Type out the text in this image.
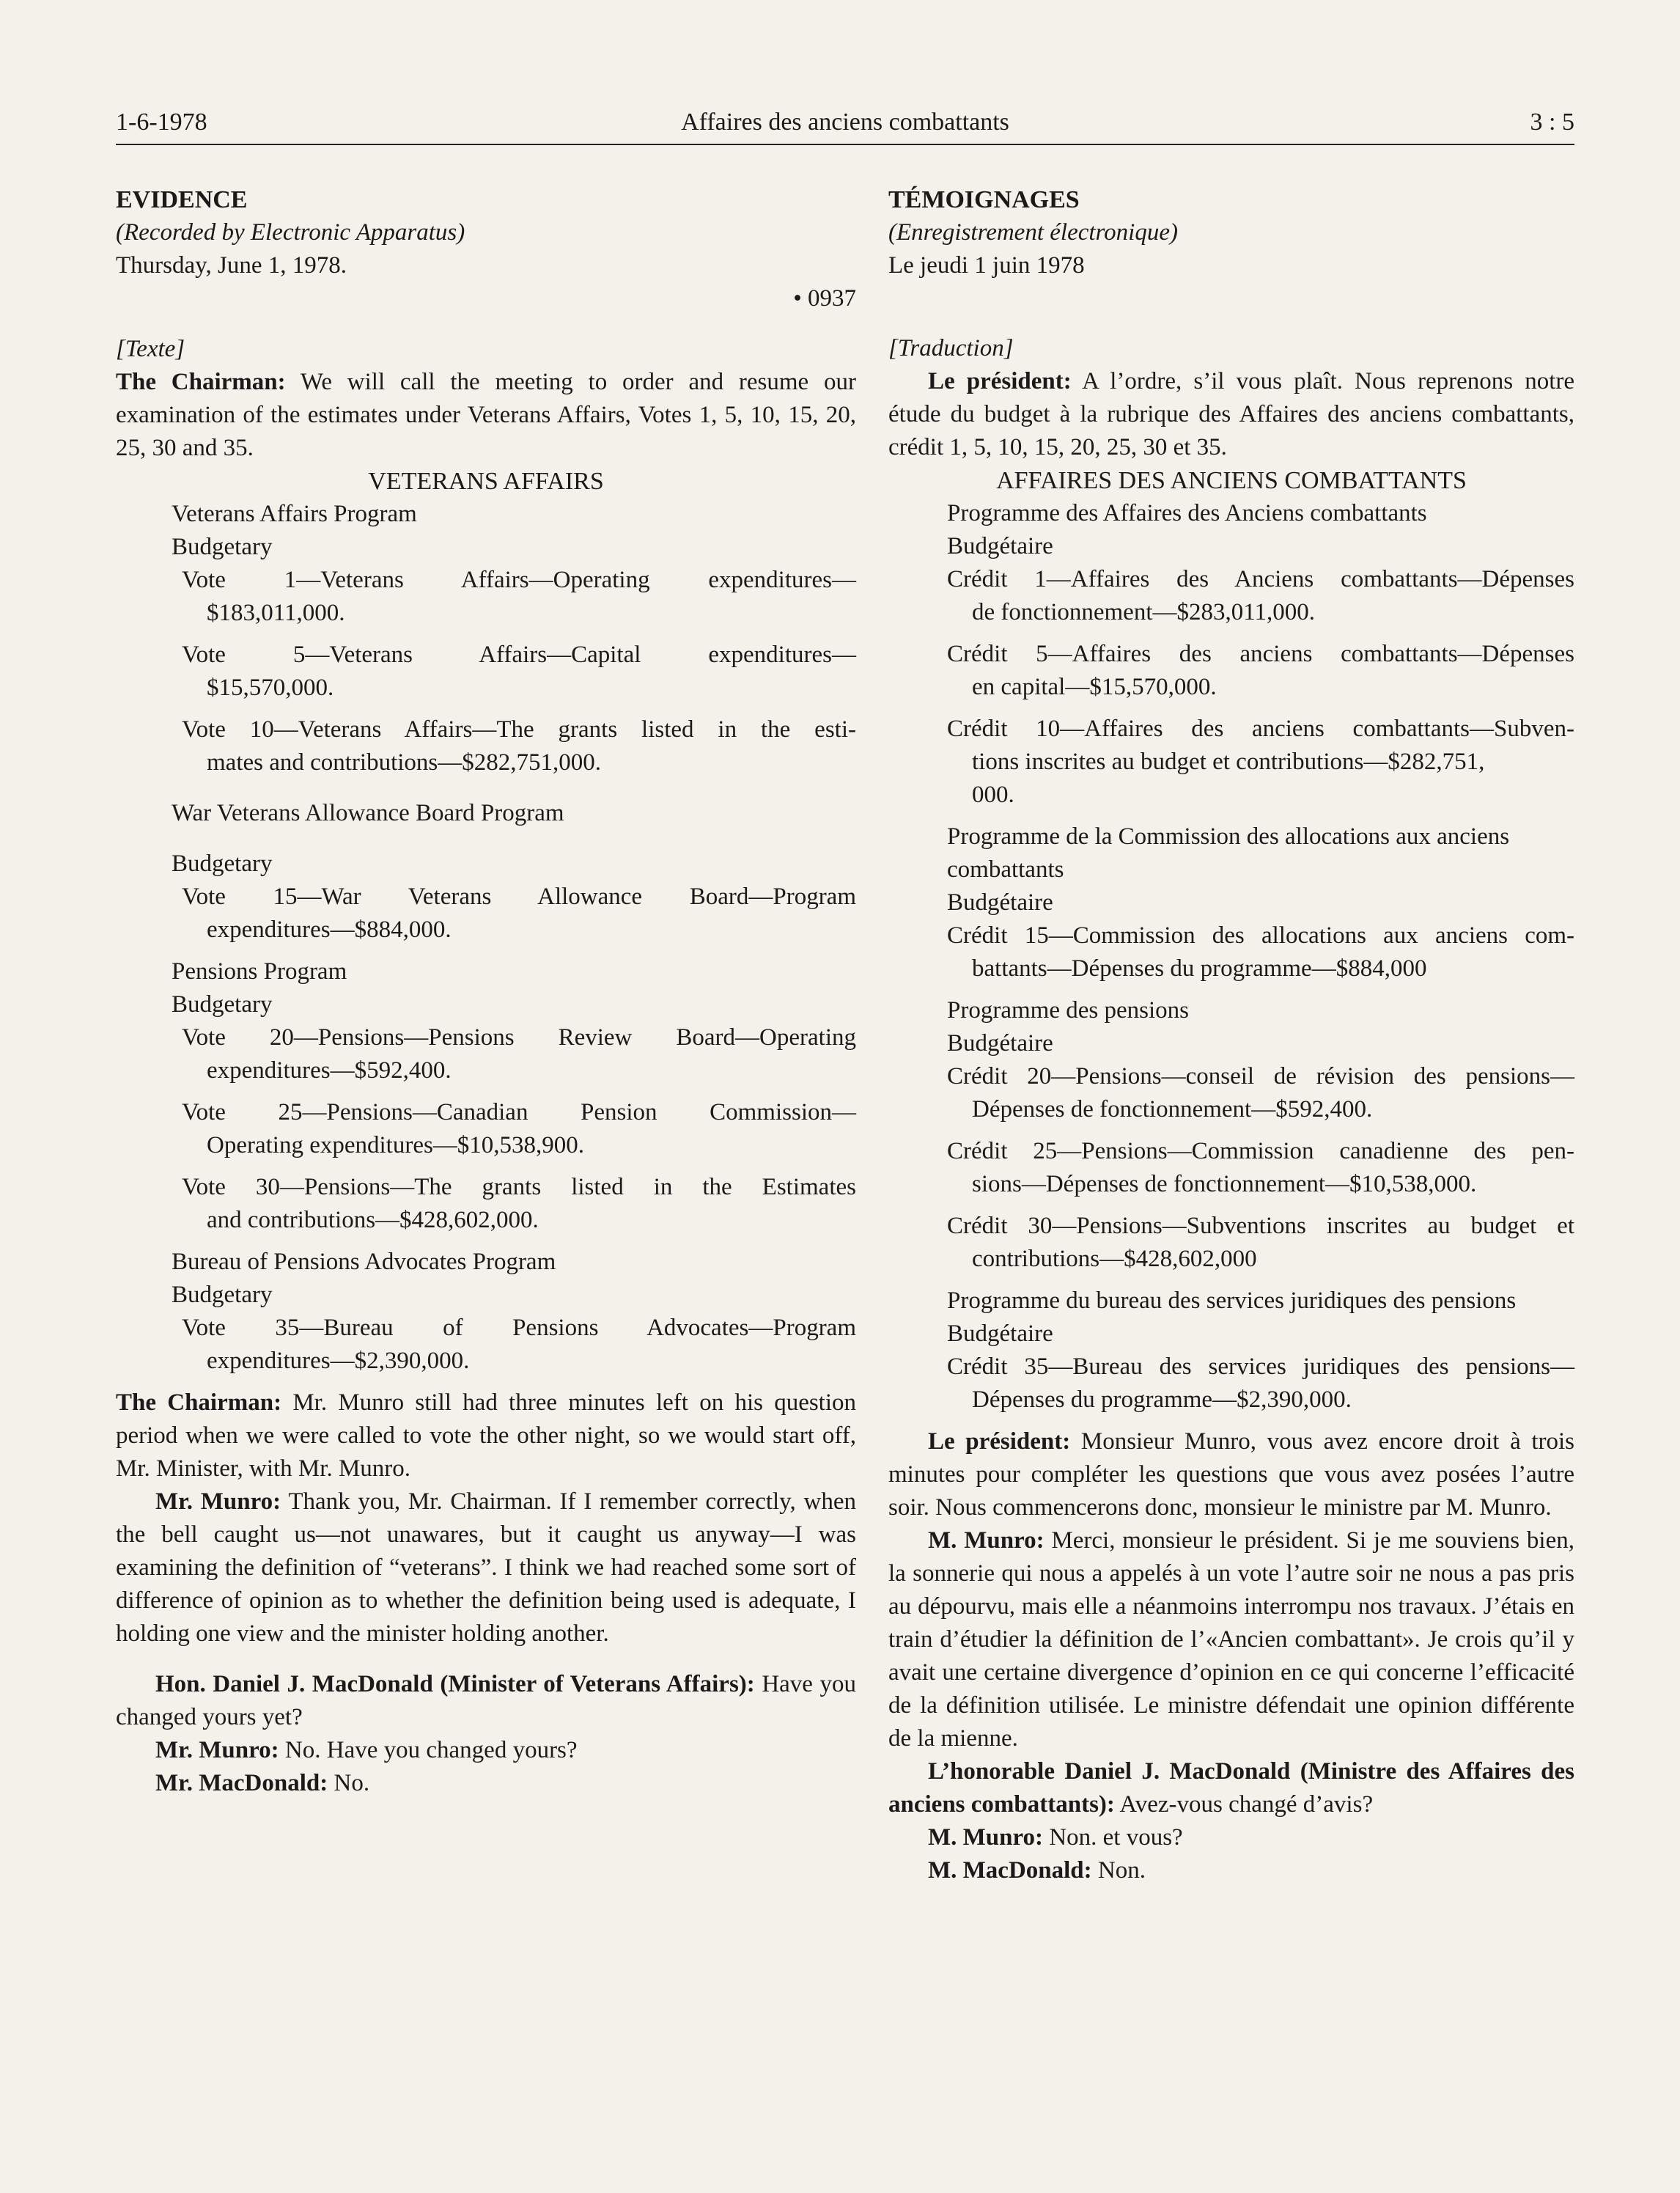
1-6-1978	Affaires des anciens combattants	3 : 5

EVIDENCE

(Recorded by Electronic Apparatus)

Thursday, June 1, 1978.

• 0937

[Texte]

The Chairman: We will call the meeting to order and resume our examination of the estimates under Veterans Affairs, Votes 1, 5, 10, 15, 20, 25, 30 and 35.

VETERANS AFFAIRS

Veterans Affairs Program

Budgetary

Vote 1—Veterans Affairs—Operating expenditures—

$183,011,000.

Vote 5—Veterans Affairs—Capital expenditures—

$15,570,000.

Vote 10—Veterans Affairs—The grants listed in the esti-

mates and contributions—$282,751,000.

War Veterans Allowance Board Program

Budgetary

Vote 15—War Veterans Allowance Board—Program

expenditures—$884,000.

Pensions Program

Budgetary

Vote 20—Pensions—Pensions Review Board—Operating

expenditures—$592,400.

Vote 25—Pensions—Canadian Pension Commission—

Operating expenditures—$10,538,900.

Vote 30—Pensions—The grants listed in the Estimates

and contributions—$428,602,000.

Bureau of Pensions Advocates Program

Budgetary

Vote 35—Bureau of Pensions Advocates—Program

expenditures—$2,390,000.

The Chairman: Mr. Munro still had three minutes left on his question period when we were called to vote the other night, so we would start off, Mr. Minister, with Mr. Munro.

Mr. Munro: Thank you, Mr. Chairman. If I remember correctly, when the bell caught us—not unawares, but it caught us anyway—I was examining the definition of “veterans”. I think we had reached some sort of difference of opinion as to whether the definition being used is adequate, I holding one view and the minister holding another.

Hon. Daniel J. MacDonald (Minister of Veterans Affairs): Have you changed yours yet?

Mr. Munro: No. Have you changed yours?

Mr. MacDonald: No.

TÉMOIGNAGES

(Enregistrement électronique)

Le jeudi 1 juin 1978

[Traduction]

Le président: A l’ordre, s’il vous plaît. Nous reprenons notre étude du budget à la rubrique des Affaires des anciens combattants, crédit 1, 5, 10, 15, 20, 25, 30 et 35.

AFFAIRES DES ANCIENS COMBATTANTS

Programme des Affaires des Anciens combattants

Budgétaire

Crédit 1—Affaires des Anciens combattants—Dépenses

de fonctionnement—$283,011,000.

Crédit 5—Affaires des anciens combattants—Dépenses

en capital—$15,570,000.

Crédit 10—Affaires des anciens combattants—Subven-

tions inscrites au budget et contributions—$282,751,

000.

Programme de la Commission des allocations aux anciens combattants

Budgétaire

Crédit 15—Commission des allocations aux anciens com-

battants—Dépenses du programme—$884,000

Programme des pensions

Budgétaire

Crédit 20—Pensions—conseil de révision des pensions—

Dépenses de fonctionnement—$592,400.

Crédit 25—Pensions—Commission canadienne des pen-

sions—Dépenses de fonctionnement—$10,538,000.

Crédit 30—Pensions—Subventions inscrites au budget et

contributions—$428,602,000

Programme du bureau des services juridiques des pensions

Budgétaire

Crédit 35—Bureau des services juridiques des pensions—

Dépenses du programme—$2,390,000.

Le président: Monsieur Munro, vous avez encore droit à trois minutes pour compléter les questions que vous avez posées l’autre soir. Nous commencerons donc, monsieur le ministre par M. Munro.

M. Munro: Merci, monsieur le président. Si je me souviens bien, la sonnerie qui nous a appelés à un vote l’autre soir ne nous a pas pris au dépourvu, mais elle a néanmoins interrompu nos travaux. J’étais en train d’étudier la définition de l’«Ancien combattant». Je crois qu’il y avait une certaine divergence d’opinion en ce qui concerne l’efficacité de la définition utilisée. Le ministre défendait une opinion différente de la mienne.

L’honorable Daniel J. MacDonald (Ministre des Affaires des anciens combattants): Avez-vous changé d’avis?

M. Munro: Non. et vous?

M. MacDonald: Non.
